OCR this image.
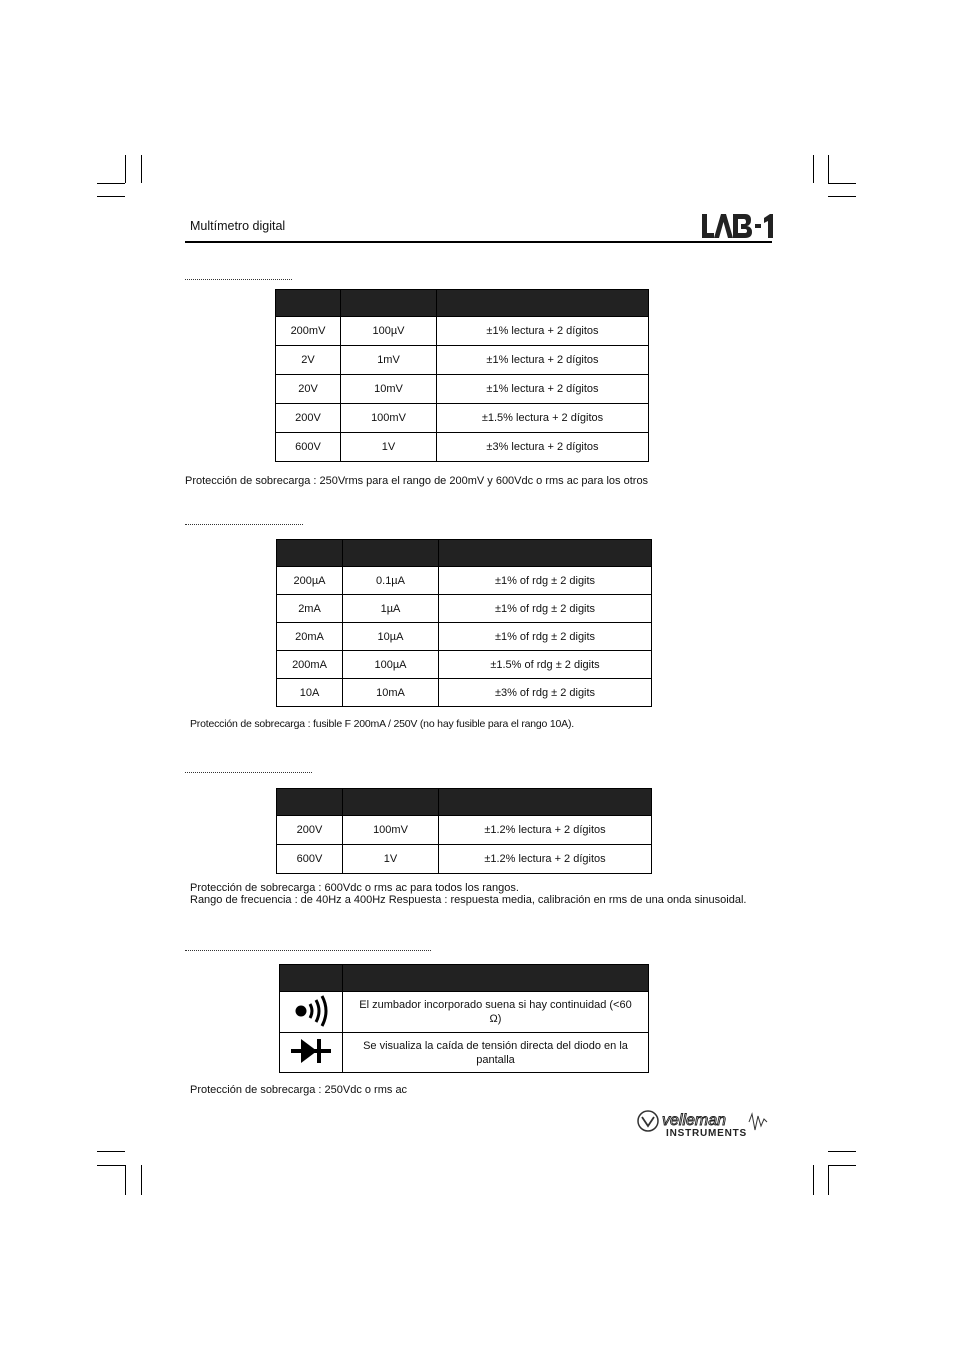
Multímetro digital

200mV	100µV	±1% lectura + 2 dígitos
2V	1mV	±1% lectura + 2 dígitos
20V	10mV	±1% lectura + 2 dígitos
200V	100mV	±1.5% lectura + 2 dígitos
600V	1V	±3% lectura + 2 dígitos
Protección de sobrecarga : 250Vrms para el rango de 200mV y 600Vdc o rms ac para los otros

200µA	0.1µA	±1% of rdg ± 2 digits
2mA	1µA	±1% of rdg ± 2 digits
20mA	10µA	±1% of rdg ± 2 digits
200mA	100µA	±1.5% of rdg ± 2 digits
10A	10mA	±3% of rdg ± 2 digits
Protección de sobrecarga : fusible F 200mA / 250V (no hay fusible para el rango 10A).

200V	100mV	±1.2% lectura + 2 dígitos
600V	1V	±1.2% lectura + 2 dígitos
Protección de sobrecarga : 600Vdc o rms ac para todos los rangos.
Rango de frecuencia : de 40Hz a 400Hz Respuesta : respuesta media, calibración en rms de una onda sinusoidal.

	El zumbador incorporado suena si hay continuidad (<60 Ω)
	Se visualiza la caída de tensión directa del diodo en la pantalla
Protección de sobrecarga : 250Vdc o rms ac
velleman
INSTRUMENTS
